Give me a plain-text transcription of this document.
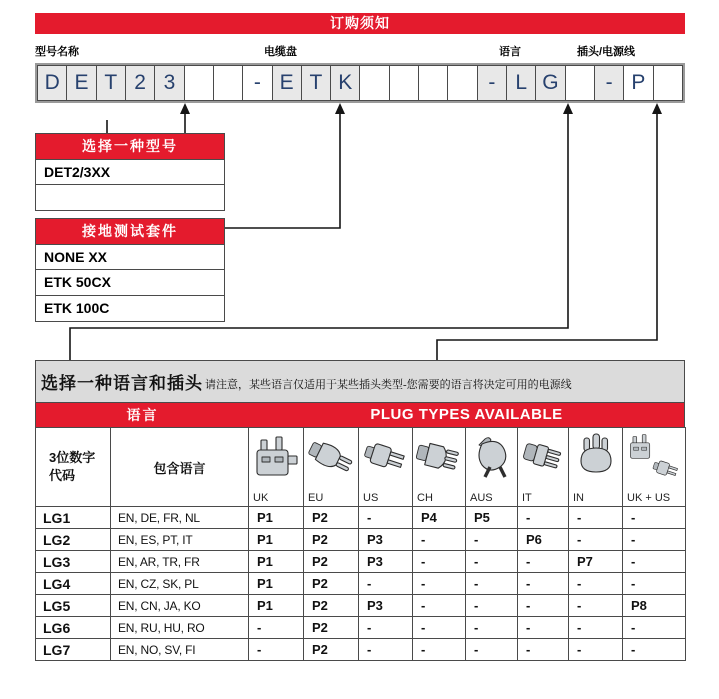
订购须知
型号名称	电缆盘	语言	插头/电源线
D E T 2 3	- E T K	- L G	- P
选择一种型号
DET2/3XX
接地测试套件
NONE XX
ETK 50CX
ETK 100C
选择一种语言和插头 请注意，某些语言仅适用于某些插头类型-您需要的语言将决定可用的电源线
语言	PLUG TYPES AVAILABLE
3位数字 代码	包含语言	UK	EU	US	CH	AUS	IT	IN	UK + US

LG1	EN, DE, FR, NL	P1	P2	-	P4	P5	-	-	-
LG2	EN, ES, PT, IT	P1	P2	P3	-	-	P6	-	-
LG3	EN, AR, TR, FR	P1	P2	P3	-	-	-	P7	-
LG4	EN, CZ, SK, PL	P1	P2	-	-	-	-	-	-
LG5	EN, CN, JA, KO	P1	P2	P3	-	-	-	-	P8
LG6	EN, RU, HU, RO	-	P2	-	-	-	-	-	-
LG7	EN, NO, SV, FI	-	P2	-	-	-	-	-	-
